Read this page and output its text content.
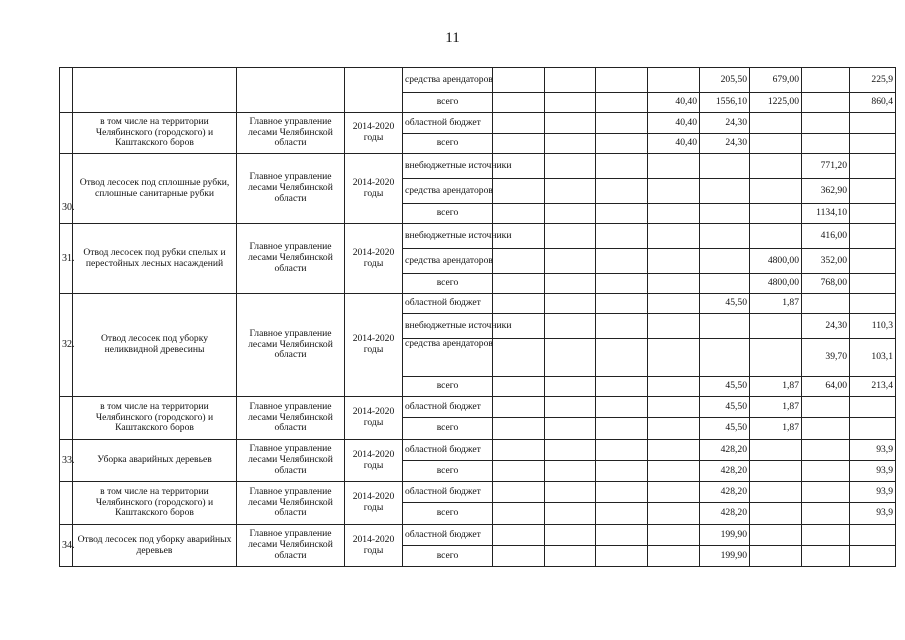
11
				средства арендаторов					205,50	679,00		225,9
				всего				40,40	1556,10	1225,00		860,4
	в том числе на территории Челябинского (городского) и Каштакского боров	Главное управление лесами Челябинской области	2014-2020 годы	областной бюджет				40,40	24,30			
				всего				40,40	24,30			
30.	Отвод лесосек под сплошные рубки, сплошные санитарные рубки	Главное управление лесами Челябинской области	2014-2020 годы	внебюджетные источники							771,20	
				средства арендаторов							362,90	
				всего							1134,10	
31.	Отвод лесосек под рубки спелых и перестойных лесных насаждений	Главное управление лесами Челябинской области	2014-2020 годы	внебюджетные источники							416,00	
				средства арендаторов						4800,00	352,00	
				всего						4800,00	768,00	
32.	Отвод лесосек под уборку неликвидной древесины	Главное управление лесами Челябинской области	2014-2020 годы	областной бюджет					45,50	1,87		
				внебюджетные источники							24,30	110,3
				средства арендаторов							39,70	103,1
				всего					45,50	1,87	64,00	213,4
	в том числе на территории Челябинского (городского) и Каштакского боров	Главное управление лесами Челябинской области	2014-2020 годы	областной бюджет					45,50	1,87		
				всего					45,50	1,87		
33.	Уборка аварийных деревьев	Главное управление лесами Челябинской области	2014-2020 годы	областной бюджет					428,20			93,9
				всего					428,20			93,9
	в том числе на территории Челябинского (городского) и Каштакского боров	Главное управление лесами Челябинской области	2014-2020 годы	областной бюджет					428,20			93,9
				всего					428,20			93,9
34.	Отвод лесосек под уборку аварийных деревьев	Главное управление лесами Челябинской области	2014-2020 годы	областной бюджет					199,90			
				всего					199,90			
